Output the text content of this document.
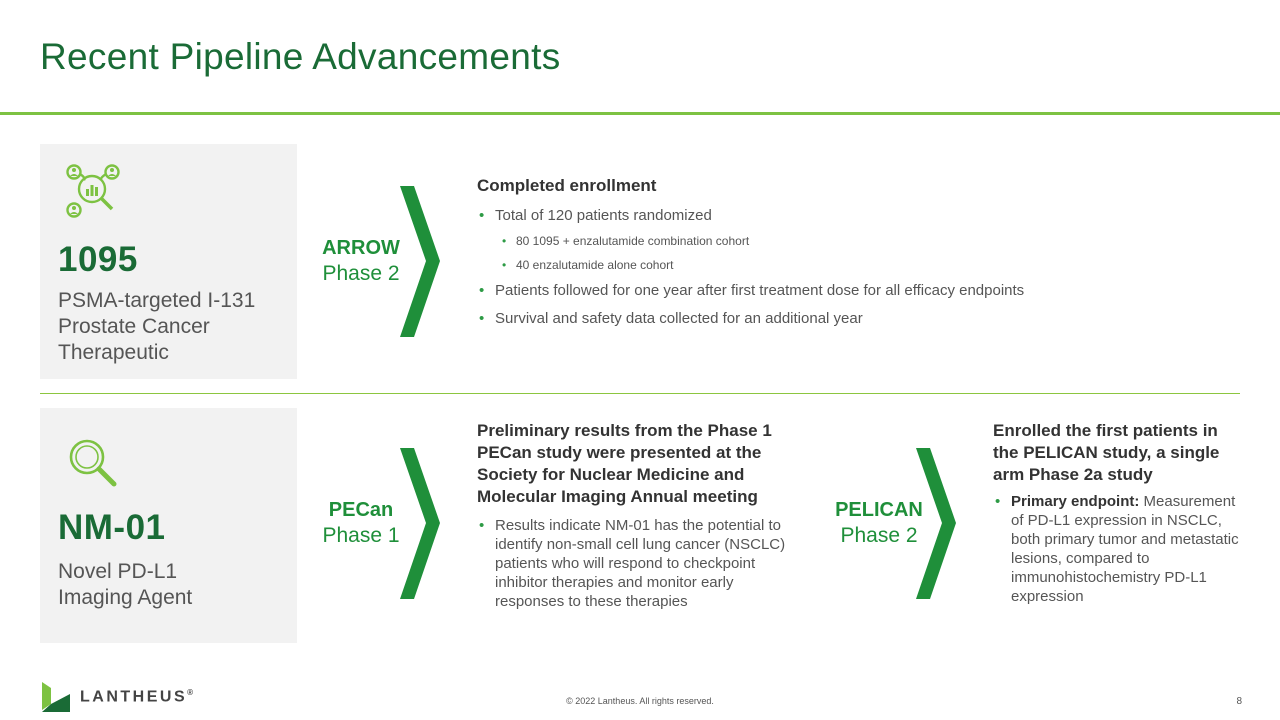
Recent Pipeline Advancements
1095
PSMA-targeted I-131
Prostate Cancer
Therapeutic
ARROW
Phase 2
Completed enrollment
• Total of 120 patients randomized
• 80 1095 + enzalutamide combination cohort
• 40 enzalutamide alone cohort
• Patients followed for one year after first treatment dose for all efficacy endpoints
• Survival and safety data collected for an additional year
NM-01
Novel PD-L1
Imaging Agent
PECan
Phase 1
Preliminary results from the Phase 1 PECan study were presented at the Society for Nuclear Medicine and Molecular Imaging Annual meeting
• Results indicate NM-01 has the potential to identify non-small cell lung cancer (NSCLC) patients who will respond to checkpoint inhibitor therapies and monitor early responses to these therapies
PELICAN
Phase 2
Enrolled the first patients in the PELICAN study, a single arm Phase 2a study
• Primary endpoint: Measurement of PD-L1 expression in NSCLC, both primary tumor and metastatic lesions, compared to immunohistochemistry PD-L1 expression
LANTHEUS®
© 2022 Lantheus. All rights reserved.	8
